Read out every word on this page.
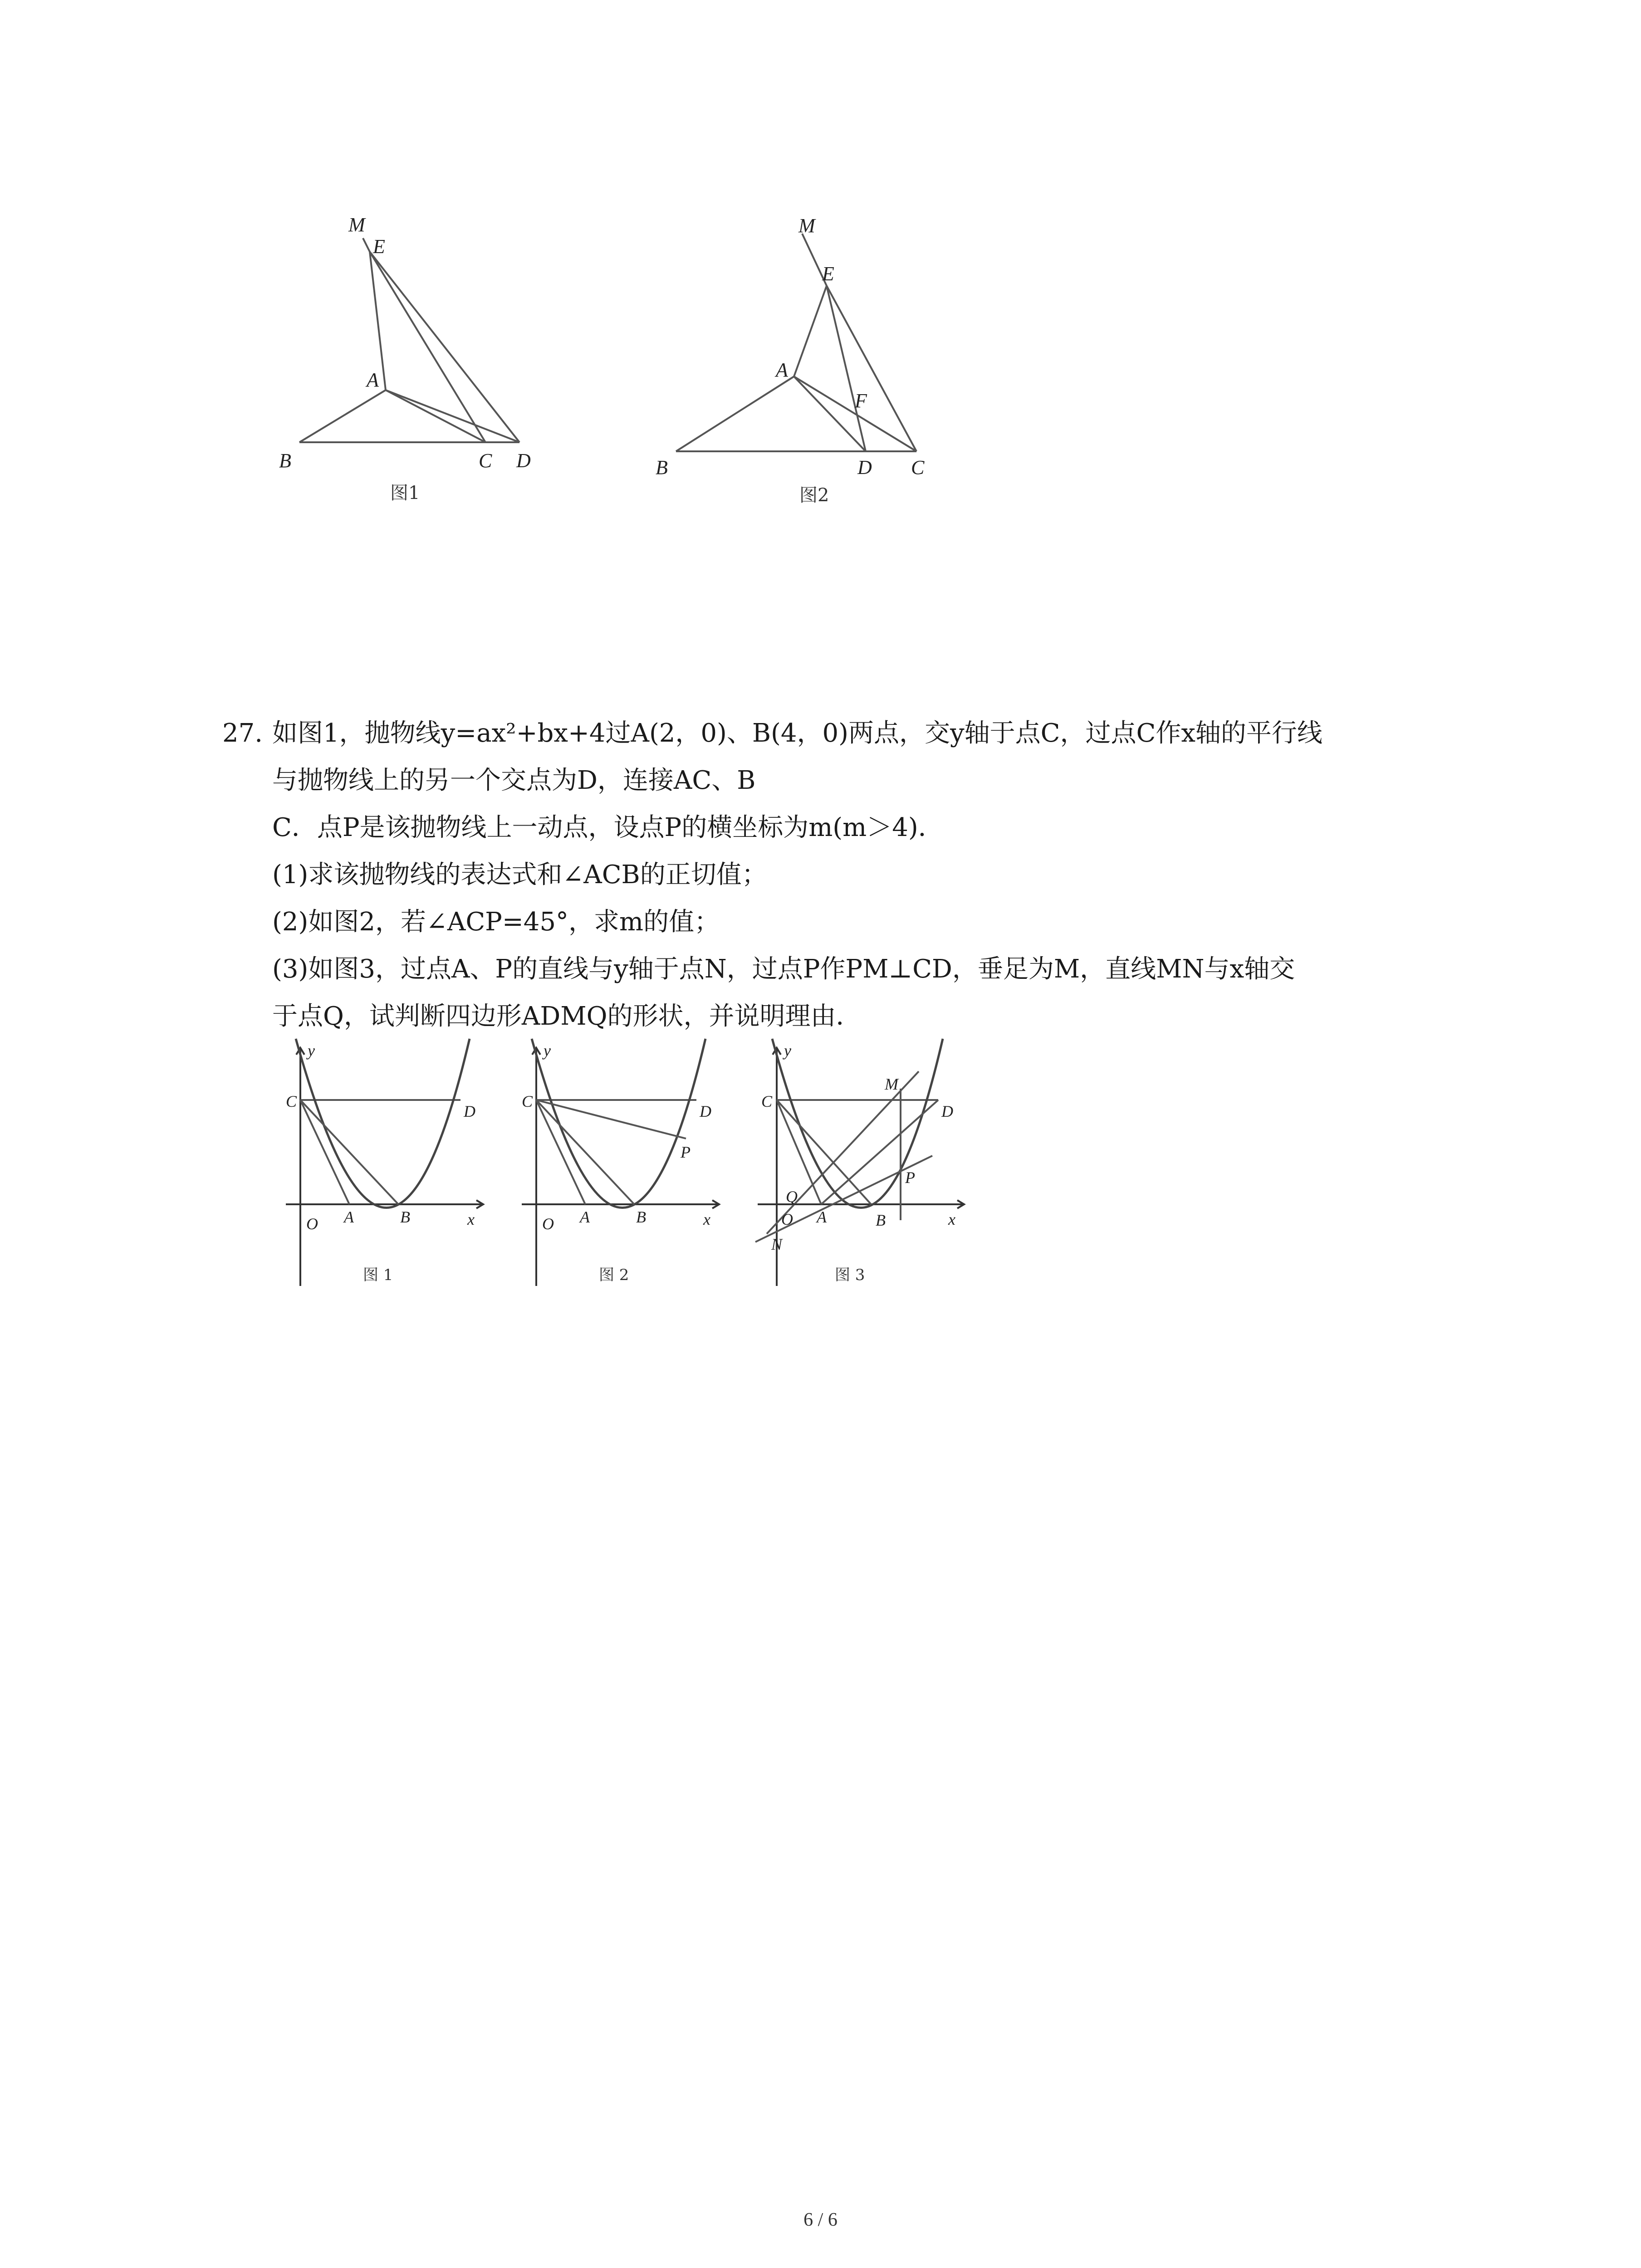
M
E
A
B	C D
图1
M
E
A
F
B	D C
图2
27. 如图1，抛物线y=ax²+bx+4过A(2，0)、B(4，0)两点，交y轴于点C，过点C作x轴的平行线
与抛物线上的另一个交点为D，连接AC、B
C．点P是该抛物线上一动点，设点P的横坐标为m(m＞4)．
(1)求该抛物线的表达式和∠ACB的正切值；
(2)如图2，若∠ACP=45°，求m的值；
(3)如图3，过点A、P的直线与y轴于点N，过点P作PM⊥CD，垂足为M，直线MN与x轴交
于点Q，试判断四边形ADMQ的形状，并说明理由．
y
C
D
O A	B	x
图 1
y
C
D
P
O A	B	x
图 2
y
C
M
D
P
Q
O A	B
N
x
图 3
6 / 6
